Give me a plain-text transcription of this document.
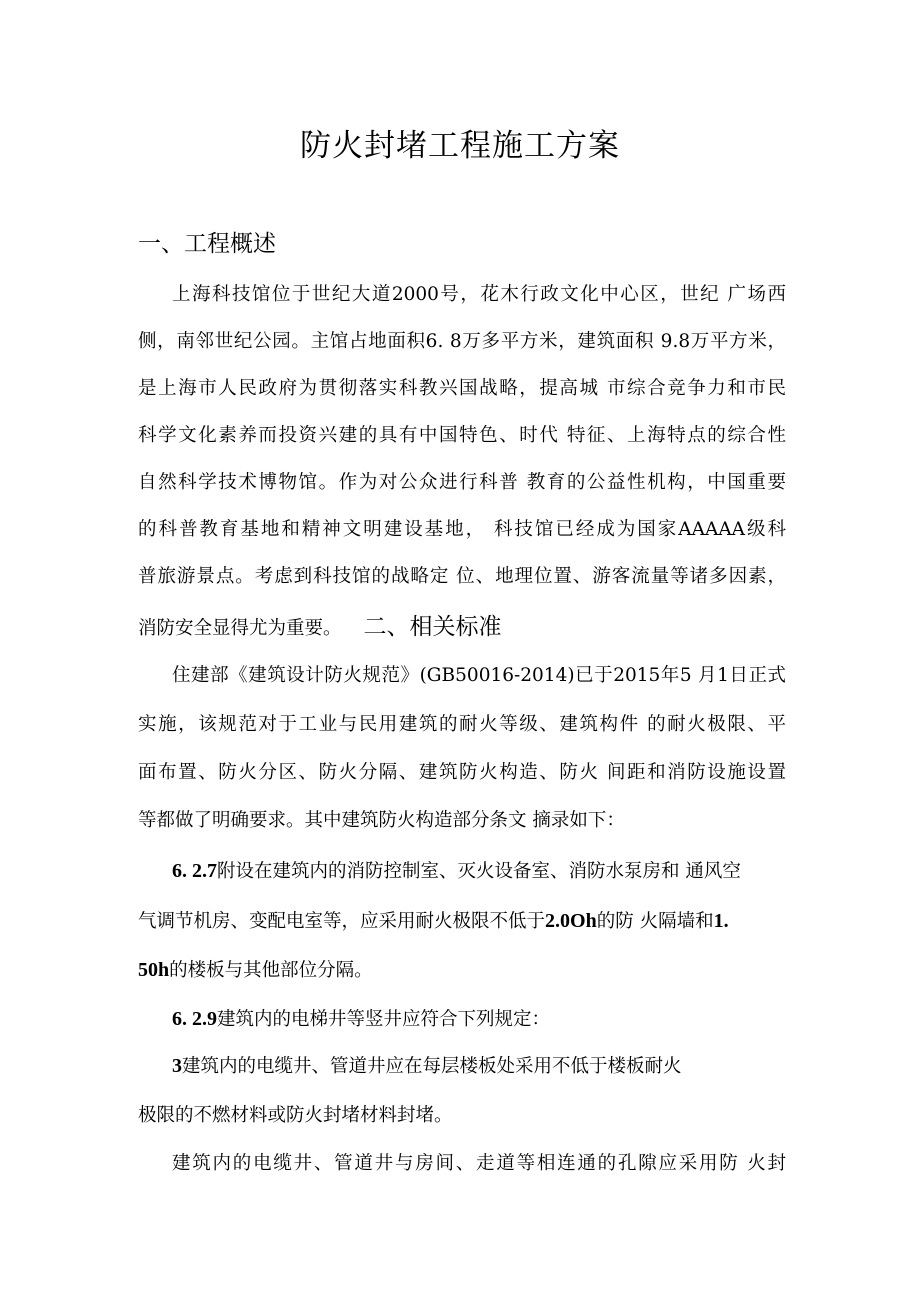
防火封堵工程施工方案
一、工程概述
上海科技馆位于世纪大道2000号，花木行政文化中心区，世纪 广场西
侧，南邻世纪公园。主馆占地面积6. 8万多平方米，建筑面积 9.8万平方米，
是上海市人民政府为贯彻落实科教兴国战略，提高城 市综合竞争力和市民
科学文化素养而投资兴建的具有中国特色、时代 特征、上海特点的综合性
自然科学技术博物馆。作为对公众进行科普 教育的公益性机构，中国重要
的科普教育基地和精神文明建设基地， 科技馆已经成为国家AAAAA级科
普旅游景点。考虑到科技馆的战略定 位、地理位置、游客流量等诸多因素，
消防安全显得尤为重要。 二、相关标准
住建部《建筑设计防火规范》(GB50016-2014)已于2015年5 月1日正式
实施，该规范对于工业与民用建筑的耐火等级、建筑构件 的耐火极限、平
面布置、防火分区、防火分隔、建筑防火构造、防火 间距和消防设施设置
等都做了明确要求。其中建筑防火构造部分条文 摘录如下：
6. 2.7附设在建筑内的消防控制室、灭火设备室、消防水泵房和 通风空
气调节机房、变配电室等，应采用耐火极限不低于2.0Oh的防 火隔墙和1.
50h的楼板与其他部位分隔。
6. 2.9建筑内的电梯井等竖井应符合下列规定：
3建筑内的电缆井、管道井应在每层楼板处采用不低于楼板耐火
极限的不燃材料或防火封堵材料封堵。
建筑内的电缆井、管道井与房间、走道等相连通的孔隙应采用防 火封
